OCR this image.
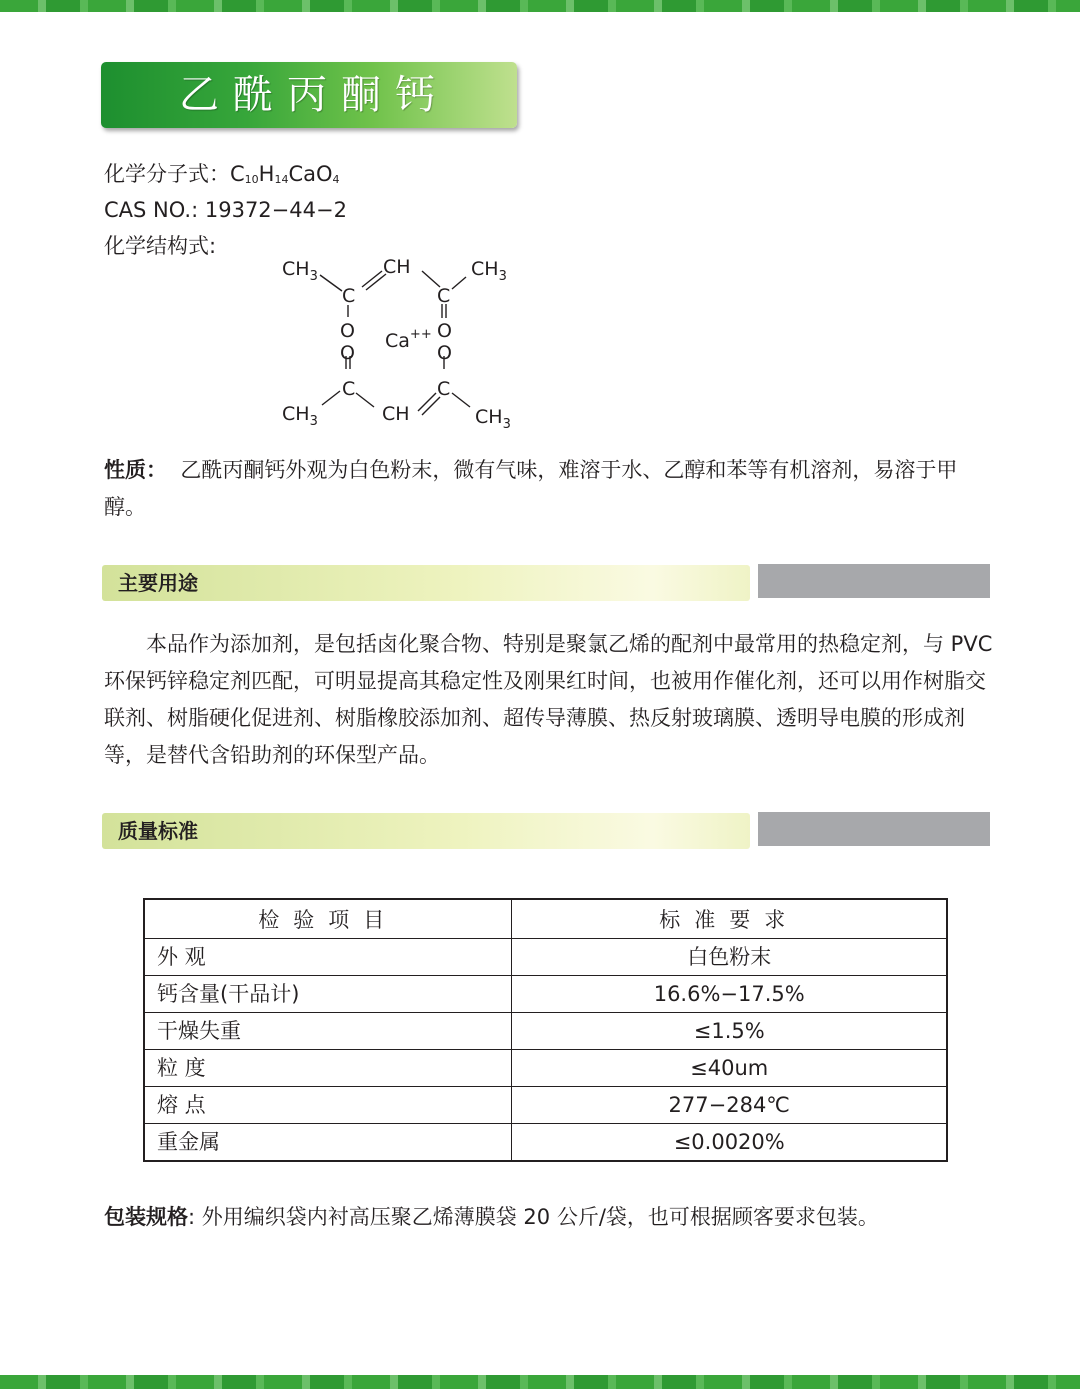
乙酰丙酮钙
化学分子式：$C_{10}H_{14}CaO_4$
CAS NO.: 19372−44−2
化学结构式:
$CH_3$	CH	$CH_3$
C	C
O	O
Ca++
O	O
C	C
$CH_3$	CH	$CH_3$
性质： 乙酰丙酮钙外观为白色粉末，微有气味，难溶于水、乙醇和苯等有机溶剂，易溶于甲醇。
主要用途

本品作为添加剂，是包括卤化聚合物、特别是聚氯乙烯的配剂中最常用的热稳定剂，与 PVC 环保钙锌稳定剂匹配，可明显提高其稳定性及刚果红时间，也被用作催化剂，还可以用作树脂交联剂、树脂硬化促进剂、树脂橡胶添加剂、超传导薄膜、热反射玻璃膜、透明导电膜的形成剂等，是替代含铅助剂的环保型产品。

质量标准
检验项目	标准要求
外 观	白色粉末
钙含量(干品计)	16.6%−17.5%
干燥失重	≤1.5%
粒 度	≤40um
熔 点	277−284℃
重金属	≤0.0020%
包装规格: 外用编织袋内衬高压聚乙烯薄膜袋 20 公斤/袋，也可根据顾客要求包装。
